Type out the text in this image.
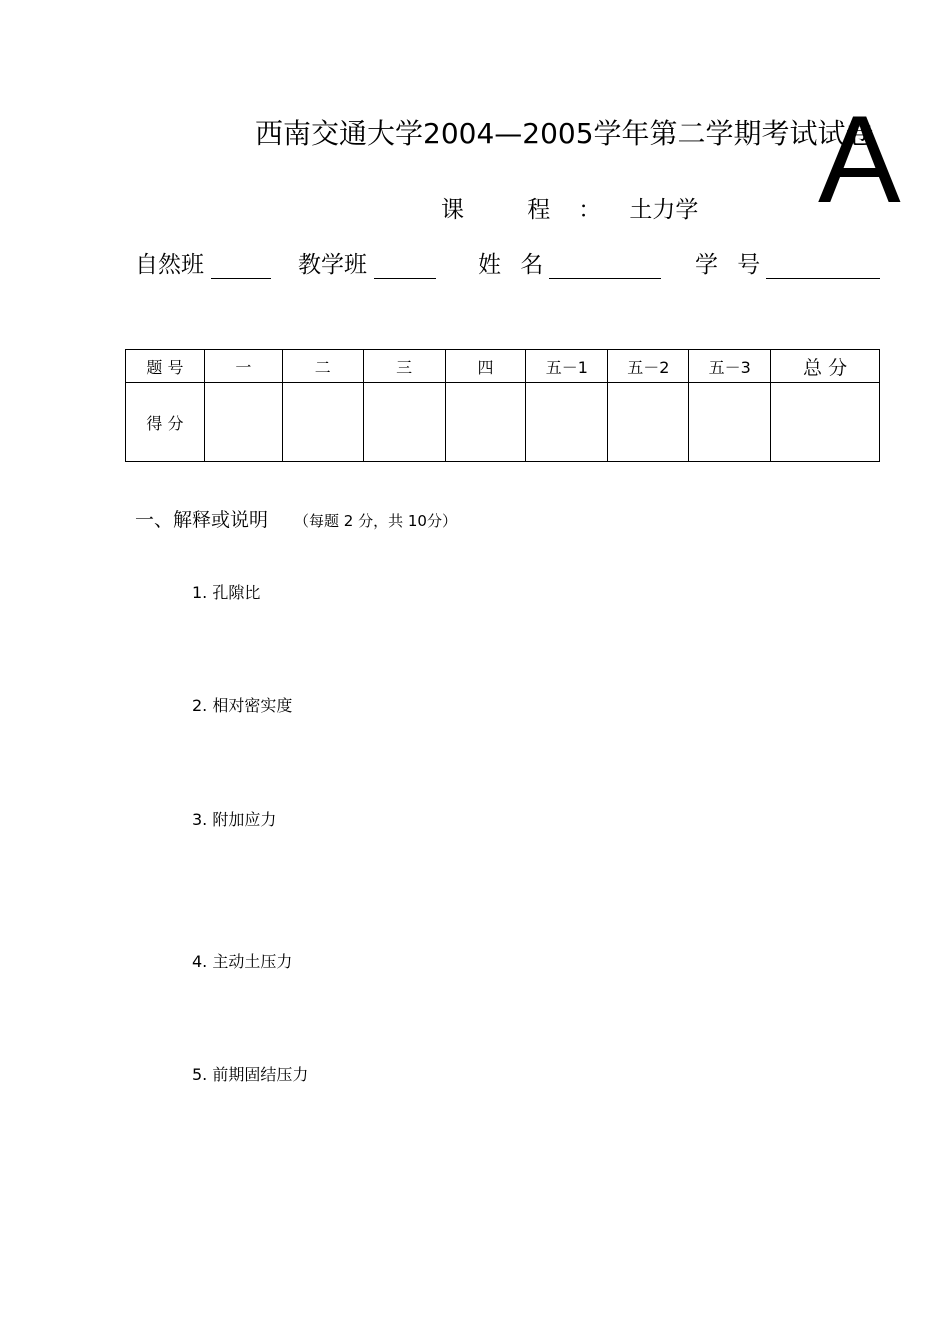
西南交通大学2004—2005学年第二学期考试试卷
A
课 程：土力学
自然班	教学班	姓 名	学 号
题 号	一	二	三	四	五－1	五－2	五－3	总 分
得 分								
一、解释或说明 （每题 2 分，共 10分）
1. 孔隙比
2. 相对密实度
3. 附加应力
4. 主动土压力
5. 前期固结压力
